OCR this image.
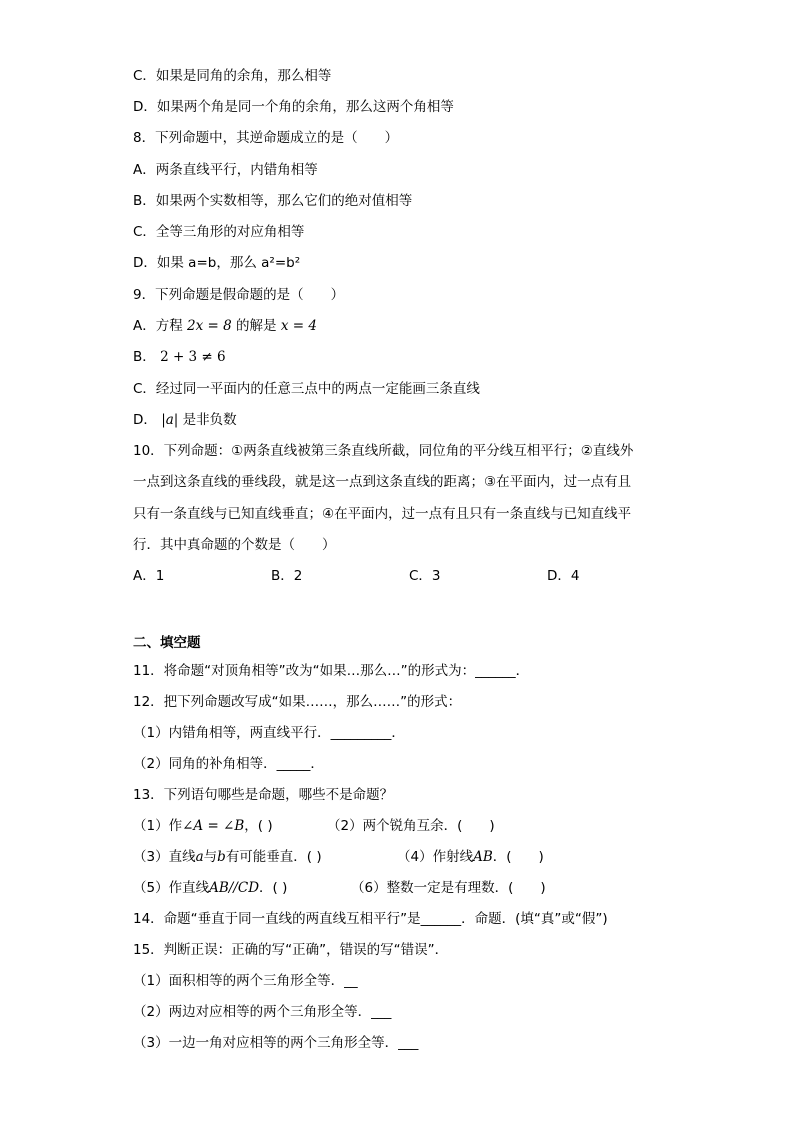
C．如果是同角的余角，那么相等
D．如果两个角是同一个角的余角，那么这两个角相等
8．下列命题中，其逆命题成立的是（　　）
A．两条直线平行，内错角相等
B．如果两个实数相等，那么它们的绝对值相等
C．全等三角形的对应角相等
D．如果 a=b，那么 a²=b²
9．下列命题是假命题的是（　　）
A．方程 2x = 8 的解是 x = 4
B． 2 + 3 ≠ 6
C．经过同一平面内的任意三点中的两点一定能画三条直线
D． |a| 是非负数
10．下列命题：①两条直线被第三条直线所截，同位角的平分线互相平行；②直线外
一点到这条直线的垂线段，就是这一点到这条直线的距离；③在平面内，过一点有且
只有一条直线与已知直线垂直；④在平面内，过一点有且只有一条直线与已知直线平
行．其中真命题的个数是（　　）
A．1	B．2	C．3	D．4
二、填空题
11．将命题“对顶角相等”改为“如果…那么…”的形式为：______．
12．把下列命题改写成“如果……，那么……”的形式：
（1）内错角相等，两直线平行．_________．
（2）同角的补角相等．_____．
13．下列语句哪些是命题，哪些不是命题？
（1）作∠A = ∠B，( )	（2）两个锐角互余．(　　)
（3）直线a与b有可能垂直．( )	（4）作射线AB．(　　)
（5）作直线AB//CD．( )	（6）整数一定是有理数．(　　)
14．命题“垂直于同一直线的两直线互相平行”是______．命题．(填“真”或“假”)
15．判断正误：正确的写“正确”，错误的写“错误”．
（1）面积相等的两个三角形全等．__
（2）两边对应相等的两个三角形全等．___
（3）一边一角对应相等的两个三角形全等．___
